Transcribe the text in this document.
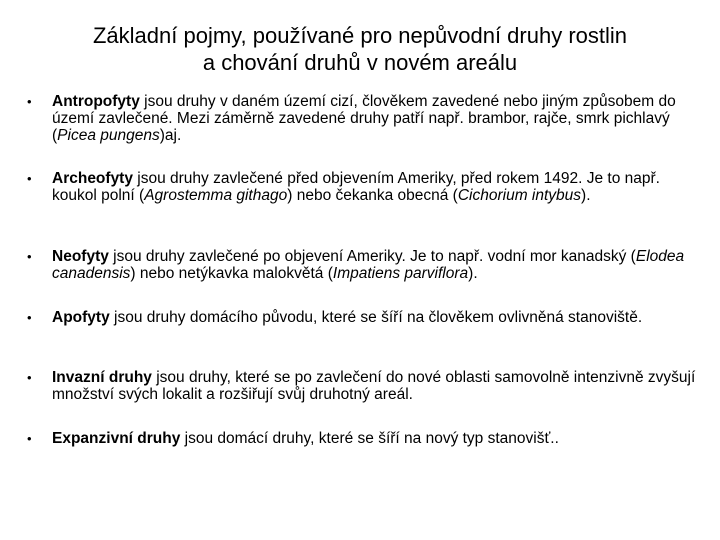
Základní pojmy, používané pro nepůvodní druhy rostlin
a chování druhů v novém areálu
• Antropofyty jsou druhy v daném území cizí, člověkem zavedené nebo jiným způsobem do území zavlečené. Mezi záměrně zavedené druhy patří např. brambor, rajče, smrk pichlavý (Picea pungens)aj.
• Archeofyty jsou druhy zavlečené před objevením Ameriky, před rokem 1492. Je to např. koukol polní (Agrostemma githago) nebo čekanka obecná (Cichorium intybus).
• Neofyty jsou druhy zavlečené po objevení Ameriky. Je to např. vodní mor kanadský (Elodea canadensis) nebo netýkavka malokvětá (Impatiens parviflora).
• Apofyty jsou druhy domácího původu, které se šíří na člověkem ovlivněná stanoviště.
• Invazní druhy jsou druhy, které se po zavlečení do nové oblasti samovolně intenzivně zvyšují množství svých lokalit a rozšiřují svůj druhotný areál.
• Expanzivní druhy jsou domácí druhy, které se šíří na nový typ stanovišť..
